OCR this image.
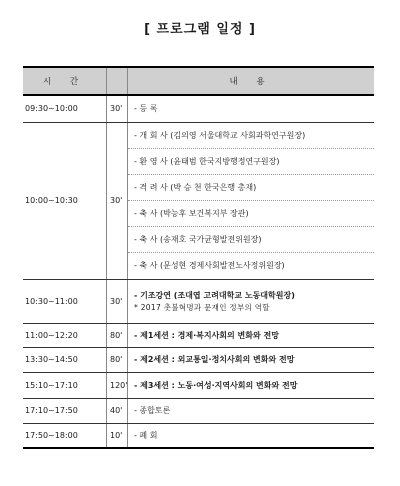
[ 프로그램 일정 ]
시 간		내 용
09:30~10:00	30'	- 등 록
10:00~10:30	30'	- 개 회 사 (김의영 서울대학교 사회과학연구원장)
		- 환 영 사 (윤태범 한국지방행정연구원장)
		- 격 려 사 (박 승 천 한국은행 총재)
		- 축 사 (박능후 보건복지부 장관)
		- 축 사 (송재호 국가균형발전위원장)
		- 축 사 (문성현 경제사회발전노사정위원장)
10:30~11:00	30'	- 기조강연 (조대엽 고려대학교 노동대학원장)
* 2017 촛불혁명과 문재인 정부의 역할

11:00~12:20	80'	- 제1세션 : 경제·복지사회의 변화와 전망
13:30~14:50	80'	- 제2세션 : 외교통일·정치사회의 변화와 전망
15:10~17:10	120'	- 제3세션 : 노동·여성·지역사회의 변화와 전망
17:10~17:50	40'	- 종합토론
17:50~18:00	10'	- 폐 회
